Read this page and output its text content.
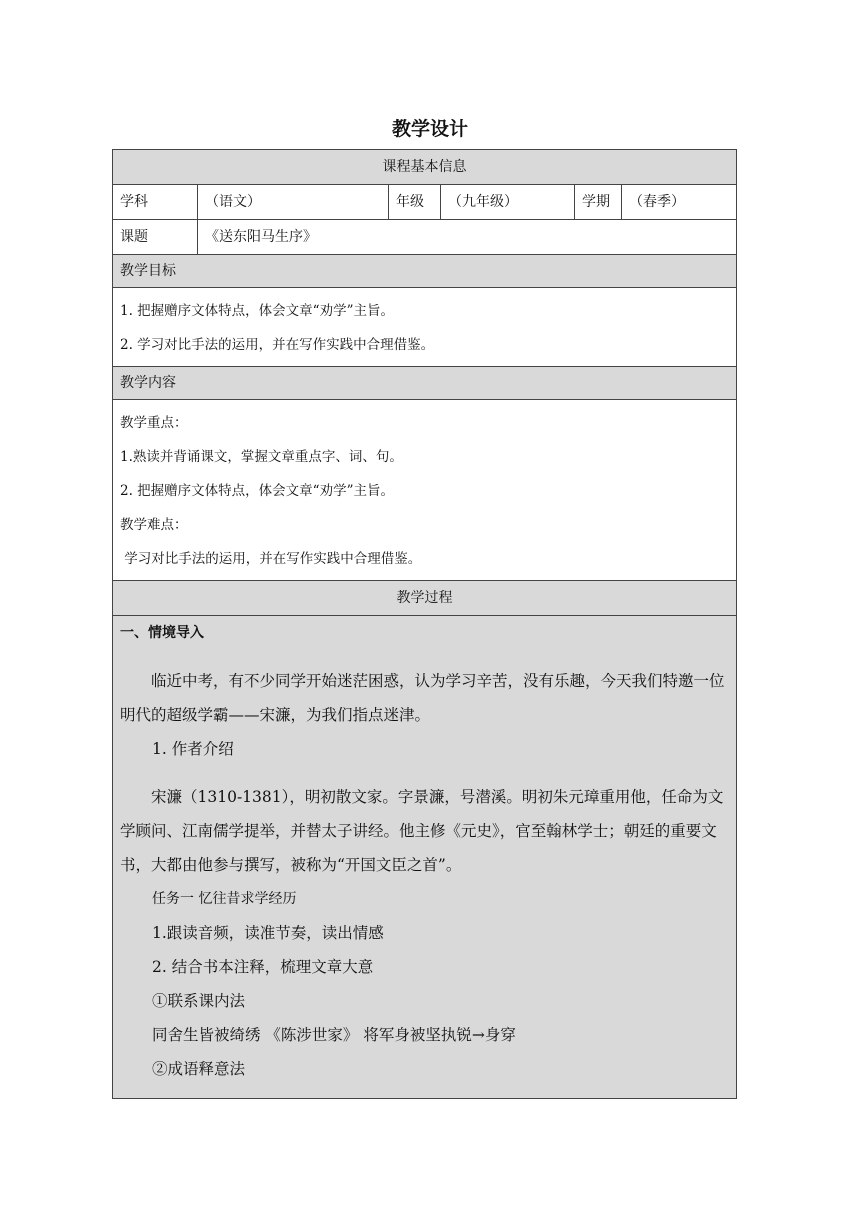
教学设计
课程基本信息
学科	（语文）	年级	（九年级）	学期	（春季）
课题	《送东阳马生序》
教学目标
1. 把握赠序文体特点，体会文章“劝学”主旨。
2. 学习对比手法的运用，并在写作实践中合理借鉴。
教学内容
教学重点：
1.熟读并背诵课文，掌握文章重点字、词、句。
2. 把握赠序文体特点，体会文章“劝学”主旨。
教学难点：
学习对比手法的运用，并在写作实践中合理借鉴。
教学过程

一、情境导入

临近中考，有不少同学开始迷茫困惑，认为学习辛苦，没有乐趣，今天我们特邀一位明代的超级学霸——宋濂，为我们指点迷津。

1. 作者介绍

宋濂（1310-1381），明初散文家。字景濂，号潜溪。明初朱元璋重用他，任命为文学顾问、江南儒学提举，并替太子讲经。他主修《元史》，官至翰林学士；朝廷的重要文书，大都由他参与撰写，被称为“开国文臣之首”。

任务一 忆往昔求学经历

1.跟读音频，读准节奏，读出情感

2. 结合书本注释，梳理文章大意

①联系课内法

同舍生皆被绮绣 《陈涉世家》 将军身被坚执锐→身穿

②成语释意法
